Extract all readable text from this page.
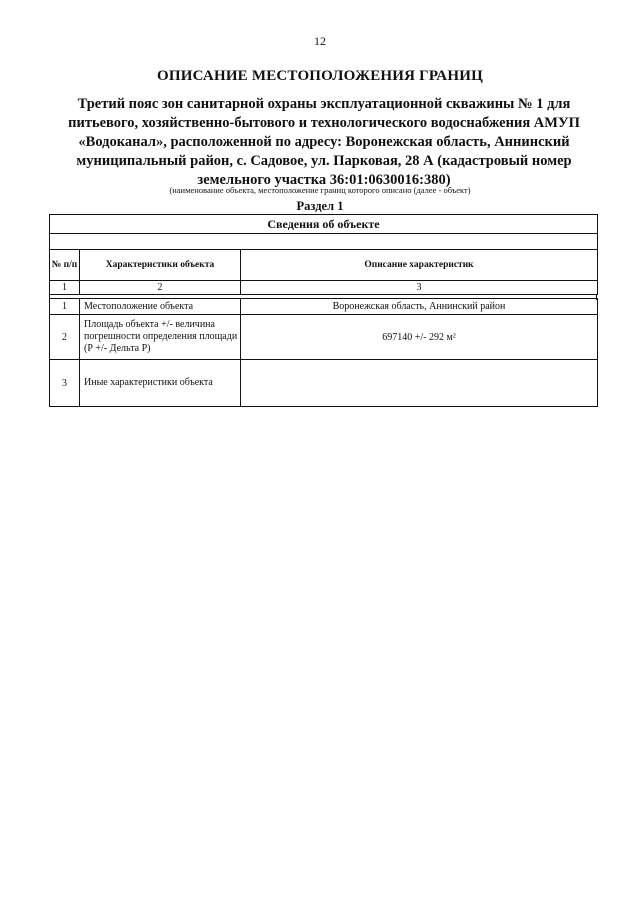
12
ОПИСАНИЕ МЕСТОПОЛОЖЕНИЯ ГРАНИЦ
Третий пояс зон санитарной охраны эксплуатационной скважины № 1 для
питьевого, хозяйственно-бытового и технологического водоснабжения АМУП
«Водоканал», расположенной по адресу: Воронежская область, Аннинский
муниципальный район, с. Садовое, ул. Парковая, 28 А (кадастровый номер
земельного участка 36:01:0630016:380)
(наименование объекта, местоположение границ которого описано (далее - объект)
Раздел 1
Сведения об объекте		

№ п/п	Характеристики объекта	Описание характеристик
1	2	3
1	Местоположение объекта	Воронежская область, Аннинский район
2	Площадь объекта +/- величина погрешности определения площади (Р +/- Дельта Р)	697140 +/- 292 м²
3	Иные характеристики объекта	
